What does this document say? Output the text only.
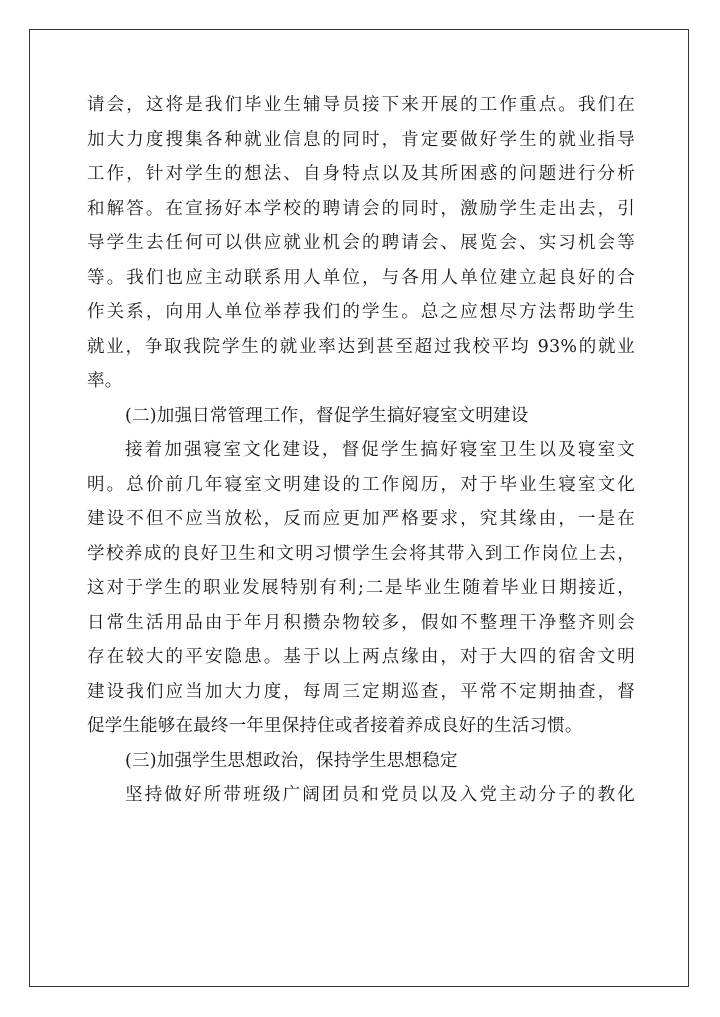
请会，这将是我们毕业生辅导员接下来开展的工作重点。我们在
加大力度搜集各种就业信息的同时，肯定要做好学生的就业指导
工作，针对学生的想法、自身特点以及其所困惑的问题进行分析
和解答。在宣扬好本学校的聘请会的同时，激励学生走出去，引
导学生去任何可以供应就业机会的聘请会、展览会、实习机会等
等。我们也应主动联系用人单位，与各用人单位建立起良好的合
作关系，向用人单位举荐我们的学生。总之应想尽方法帮助学生
就业，争取我院学生的就业率达到甚至超过我校平均 93%的就业
率。
(二)加强日常管理工作，督促学生搞好寝室文明建设
接着加强寝室文化建设，督促学生搞好寝室卫生以及寝室文
明。总价前几年寝室文明建设的工作阅历，对于毕业生寝室文化
建设不但不应当放松，反而应更加严格要求，究其缘由，一是在
学校养成的良好卫生和文明习惯学生会将其带入到工作岗位上去，
这对于学生的职业发展特别有利;二是毕业生随着毕业日期接近，
日常生活用品由于年月积攒杂物较多，假如不整理干净整齐则会
存在较大的平安隐患。基于以上两点缘由，对于大四的宿舍文明
建设我们应当加大力度，每周三定期巡查，平常不定期抽查，督
促学生能够在最终一年里保持住或者接着养成良好的生活习惯。
(三)加强学生思想政治，保持学生思想稳定
坚持做好所带班级广阔团员和党员以及入党主动分子的教化
